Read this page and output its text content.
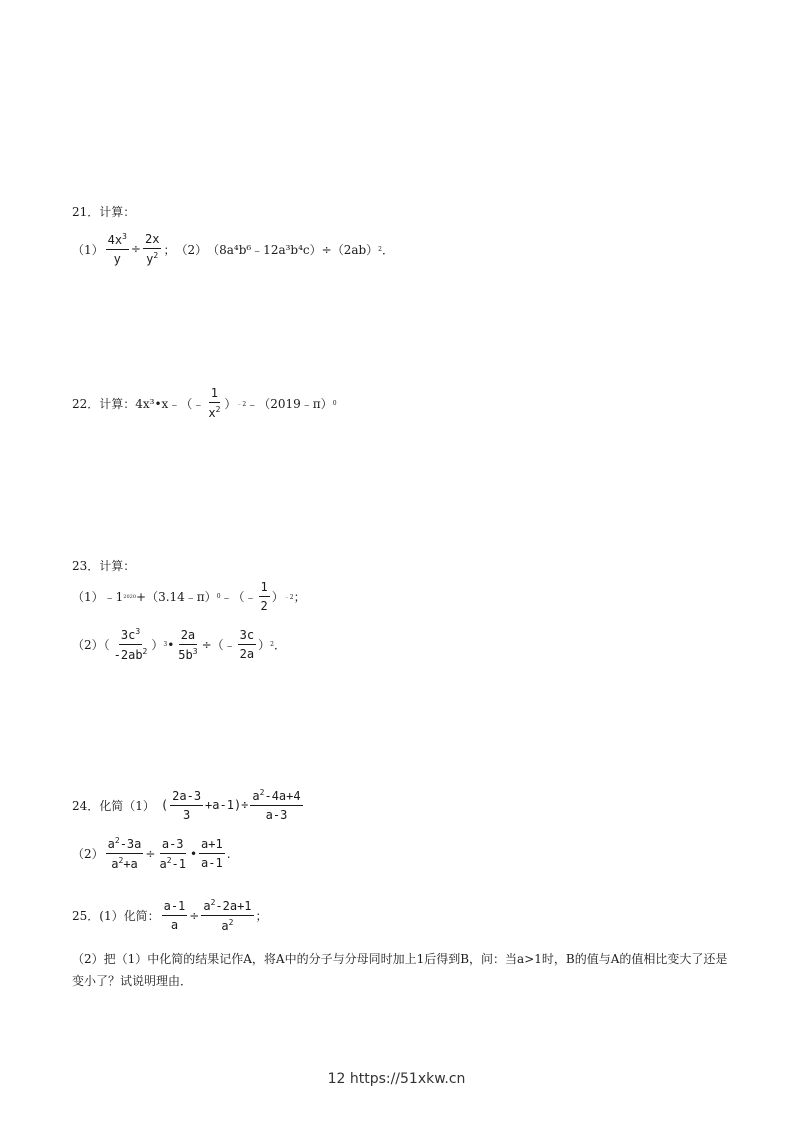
21．计算：
$(1) \frac{4x^3}{y} \div \frac{2x}{y^2}$ ； （2） （8a⁴b⁶﹣12a³b⁴c）÷（2ab） 2 ．
22．计算：4x³•x﹣（﹣ $\frac{1}{x^2}$ ） ﹣2 ﹣（2019﹣π） 0
23．计算：
（1）﹣1 2020 +（3.14﹣π） 0 ﹣（﹣ $\frac{1}{2}$ ） ﹣2 ；
$(2)( \frac{3c^3}{-2ab^2}$ ） 3 • $\frac{2a}{5b^3}$ ÷（﹣ $\frac{3c}{2a}$ ） 2 ．
24．化简（1） ( $\frac{2a-3}{3} +a-1)\div \frac{a^2-4a+4}{a-3}$
$(2) \frac{a^2-3a}{a^2+a} \div \frac{a-3}{a^2-1}$ • $\frac{a+1}{a-1}$ .
25．(1）化简： $\frac{a-1}{a} \div \frac{a^2-2a+1}{a^2}$ ；
（2）把（1）中化简的结果记作A，将A中的分子与分母同时加上1后得到B，问：当a>1时，B的值与A的值相比变大了还是变小了？试说明理由．
12 https://51xkw.cn
